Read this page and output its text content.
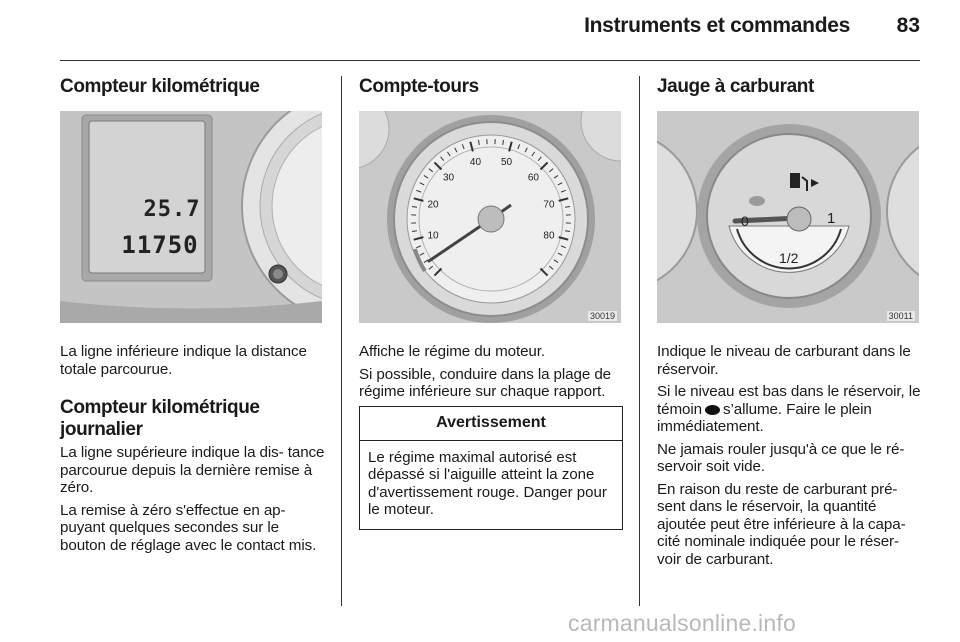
Instruments et commandes	83
Compteur kilométrique
25.7
11750

La ligne inférieure indique la distance totale parcourue.

Compteur kilométrique
journalier

La ligne supérieure indique la dis- tance parcourue depuis la dernière remise à zéro.

La remise à zéro s'effectue en ap- puyant quelques secondes sur le bouton de réglage avec le contact mis.

Compte-tours
10
20
30
40 50
60
70
80
30019

Affiche le régime du moteur.

Si possible, conduire dans la plage de régime inférieure sur chaque rapport.

Avertissement
Le régime maximal autorisé est dépassé si l'aiguille atteint la zone d'avertissement rouge. Danger pour le moteur.
Jauge à carburant
0	1
1/2
30011

Indique le niveau de carburant dans le réservoir.

Si le niveau est bas dans le réservoir, le témoin s’allume. Faire le plein immédiatement.

Ne jamais rouler jusqu'à ce que le ré- servoir soit vide.

En raison du reste de carburant pré- sent dans le réservoir, la quantité ajoutée peut être inférieure à la capa- cité nominale indiquée pour le réser- voir de carburant.

carmanualsonline.info
